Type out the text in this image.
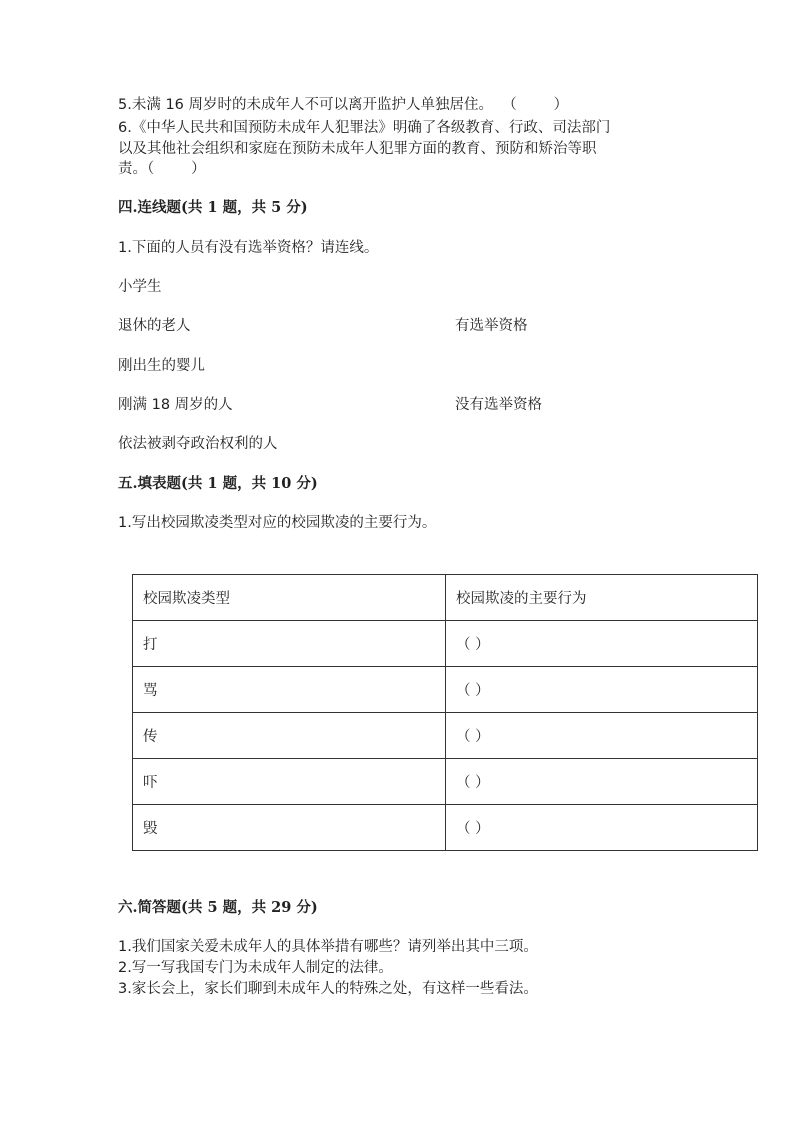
5.未满 16 周岁时的未成年人不可以离开监护人单独居住。  （        ）
6.《中华人民共和国预防未成年人犯罪法》明确了各级教育、行政、司法部门
以及其他社会组织和家庭在预防未成年人犯罪方面的教育、预防和矫治等职
责。（        ）
四.连线题(共 1 题，共 5 分)
1.下面的人员有没有选举资格？请连线。
小学生
退休的老人	有选举资格
刚出生的婴儿
刚满 18 周岁的人	没有选举资格
依法被剥夺政治权利的人
五.填表题(共 1 题，共 10 分)
1.写出校园欺凌类型对应的校园欺凌的主要行为。
校园欺凌类型	校园欺凌的主要行为
打	（ ）
骂	（ ）
传	（ ）
吓	（ ）
毁	（ ）
六.简答题(共 5 题，共 29 分)
1.我们国家关爱未成年人的具体举措有哪些？请列举出其中三项。
2.写一写我国专门为未成年人制定的法律。
3.家长会上，家长们聊到未成年人的特殊之处，有这样一些看法。
